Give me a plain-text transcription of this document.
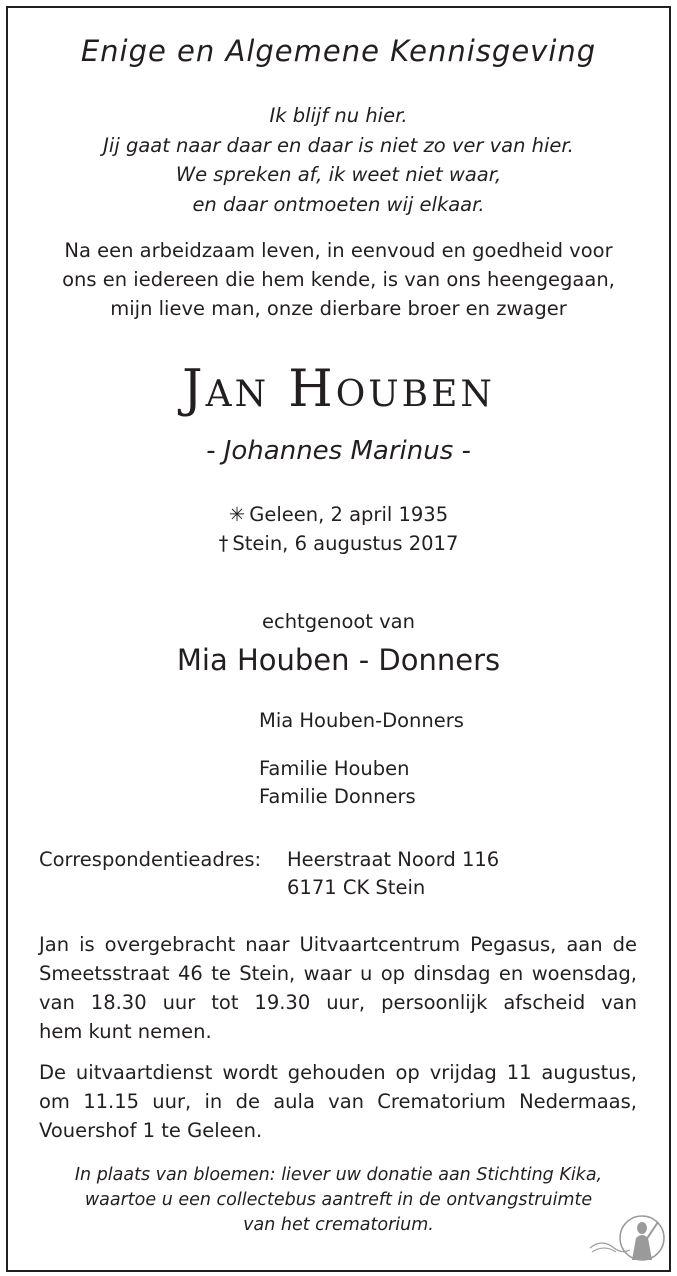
Enige en Algemene Kennisgeving
Ik blijf nu hier.
Jij gaat naar daar en daar is niet zo ver van hier.
We spreken af, ik weet niet waar,
en daar ontmoeten wij elkaar.
Na een arbeidzaam leven, in eenvoud en goedheid voor
ons en iedereen die hem kende, is van ons heengegaan,
mijn lieve man, onze dierbare broer en zwager
Jan Houben
- Johannes Marinus -
✳ Geleen, 2 april 1935
† Stein, 6 augustus 2017
echtgenoot van
Mia Houben - Donners
Mia Houben-Donners
Familie Houben
Familie Donners
Correspondentieadres: Heerstraat Noord 116
6171 CK Stein
Jan is overgebracht naar Uitvaartcentrum Pegasus, aan de
Smeetsstraat 46 te Stein, waar u op dinsdag en woensdag,
van 18.30 uur tot 19.30 uur, persoonlijk afscheid van
hem kunt nemen.
De uitvaartdienst wordt gehouden op vrijdag 11 augustus,
om 11.15 uur, in de aula van Crematorium Nedermaas,
Vouershof 1 te Geleen.
In plaats van bloemen: liever uw donatie aan Stichting Kika,
waartoe u een collectebus aantreft in de ontvangstruimte
van het crematorium.
